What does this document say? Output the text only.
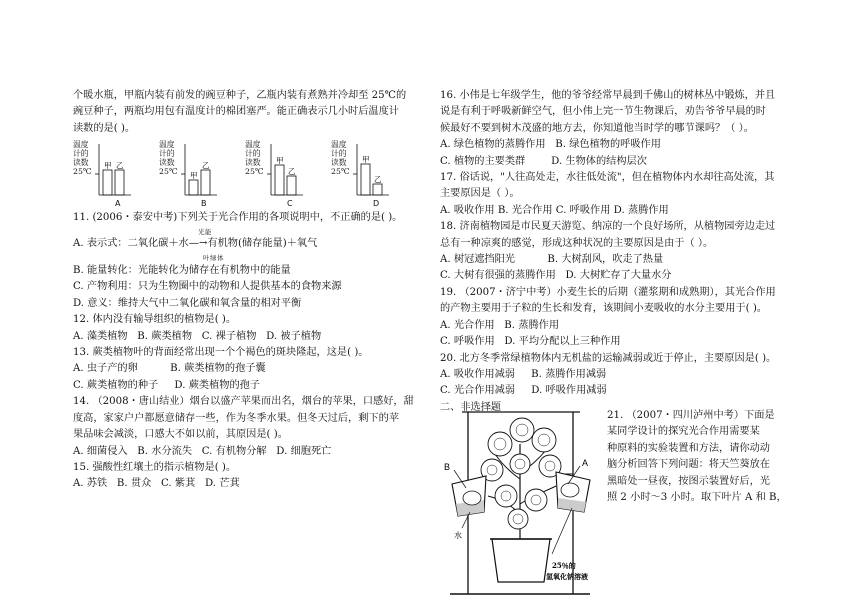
个暖水瓶，甲瓶内装有前发的豌豆种子，乙瓶内装有煮熟并冷却至 25℃的

豌豆种子，两瓶均用包有温度计的棉团塞严。能正确表示几小时后温度计

读数的是( )。

温度
计的
读数
25℃
甲 乙
A
温度
计的
读数
25℃ 甲
乙
B
温度
计的
读数
25℃
甲
乙
C
温度
计的
读数
25℃
甲
乙
D

11. (2006・泰安中考)下列关于光合作用的各项说明中，不正确的是( )。

光能

A. 表示式：二氧化碳＋水—→有机物(储存能量)＋氧气

叶绿体

B. 能量转化：光能转化为储存在有机物中的能量

C. 产物利用：只为生物圈中的动物和人提供基本的食物来源

D. 意义：维持大气中二氧化碳和氧含量的相对平衡

12. 体内没有输导组织的植物是( )。

A. 藻类植物   B. 蕨类植物   C. 裸子植物   D. 被子植物

13. 蕨类植物叶的背面经常出现一个个褐色的斑块隆起，这是( )。

A. 虫子产的卵          B. 蕨类植物的孢子囊

C. 蕨类植物的种子     D. 蕨类植物的孢子

14. （2008・唐山结业）烟台以盛产苹果而出名，烟台的苹果，口感好，甜

度高，家家户户都愿意储存一些，作为冬季水果。但冬天过后，剩下的苹

果品味会减淡，口感大不如以前，其原因是( )。

A. 细菌侵入   B. 水分流失   C. 有机物分解   D. 细胞死亡

15. 强酸性红壤土的指示植物是( )。

A. 苏铁   B. 贯众   C. 紫萁   D. 芒萁

16. 小伟是七年级学生，他的爷爷经常早晨到千佛山的树林丛中锻炼，并且

说是有利于呼吸新鲜空气，但小伟上完一节生物课后，劝告爷爷早晨的时

候最好不要到树木茂盛的地方去，你知道他当时学的哪节课吗？（ ）。

A. 绿色植物的蒸腾作用   B. 绿色植物的呼吸作用

C. 植物的主要类群        D. 生物体的结构层次

17. 俗话说，"人往高处走，水往低处流"，但在植物体内水却往高处流，其

主要原因是（ ）。

A. 吸收作用 B. 光合作用 C. 呼吸作用 D. 蒸腾作用

18. 济南植物园是市民夏天游览、纳凉的一个良好场所，从植物园旁边走过

总有一种凉爽的感觉，形成这种状况的主要原因是由于（ ）。

A. 树冠遮挡阳光          B. 大树刮风，吹走了热量

C. 大树有很强的蒸腾作用   D. 大树贮存了大量水分

19. （2007・济宁中考）小麦生长的后期（灌浆期和成熟期），其光合作用

的产物主要用于子粒的生长和发育，该期间小麦吸收的水分主要用于( )。

A. 光合作用   B. 蒸腾作用

C. 呼吸作用   D. 平均分配以上三种作用

20. 北方冬季常绿植物体内无机盐的运输减弱或近于停止，主要原因是( )。

A. 吸收作用减弱     B. 蒸腾作用减弱

C. 光合作用减弱     D. 呼吸作用减弱

二、非选择题

B	A
水
25％的
氢氧化钠溶液

21. （2007・四川泸州中考）下面是

某同学设计的探究光合作用需要某

种原料的实验装置和方法，请你动动

脑分析回答下列问题：将天竺葵放在

黑暗处一昼夜，按图示装置好后，光

照 2 小时～3 小时。取下叶片 A 和 B，
